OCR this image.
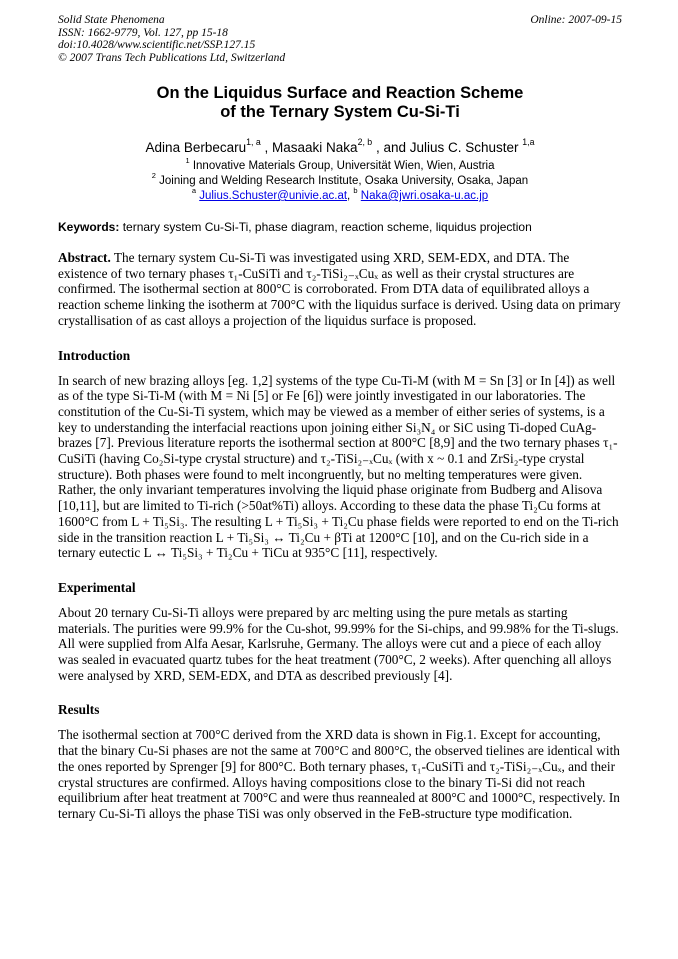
Solid State Phenomena
ISSN: 1662-9779, Vol. 127, pp 15-18
doi:10.4028/www.scientific.net/SSP.127.15
© 2007 Trans Tech Publications Ltd, Switzerland
Online: 2007-09-15
On the Liquidus Surface and Reaction Scheme
of the Ternary System Cu-Si-Ti
Adina Berbecaru$^{1, a}$ , Masaaki Naka$^{2, b}$ , and Julius C. Schuster $^{1,a}$
$^1$ Innovative Materials Group, Universität Wien, Wien, Austria
$^2$ Joining and Welding Research Institute, Osaka University, Osaka, Japan
$^a$ Julius.Schuster@univie.ac.at, $^b$ Naka@jwri.osaka-u.ac.jp

Keywords: ternary system Cu-Si-Ti, phase diagram, reaction scheme, liquidus projection

Abstract. The ternary system Cu-Si-Ti was investigated using XRD, SEM-EDX, and DTA. The existence of two ternary phases τ₁-CuSiTi and τ₂-TiSi₂₋ₓCuₓ as well as their crystal structures are confirmed. The isothermal section at 800°C is corroborated. From DTA data of equilibrated alloys a reaction scheme linking the isotherm at 700°C with the liquidus surface is derived. Using data on primary crystallisation of as cast alloys a projection of the liquidus surface is proposed.

Introduction

In search of new brazing alloys [eg. 1,2] systems of the type Cu-Ti-M (with M = Sn [3] or In [4]) as well as of the type Si-Ti-M (with M = Ni [5] or Fe [6]) were jointly investigated in our laboratories. The constitution of the Cu-Si-Ti system, which may be viewed as a member of either series of systems, is a key to understanding the interfacial reactions upon joining either Si₃N₄ or SiC using Ti-doped CuAg-brazes [7]. Previous literature reports the isothermal section at 800°C [8,9] and the two ternary phases τ₁-CuSiTi (having Co₂Si-type crystal structure) and τ₂-TiSi₂₋ₓCuₓ (with x ~ 0.1 and ZrSi₂-type crystal structure). Both phases were found to melt incongruently, but no melting temperatures were given. Rather, the only invariant temperatures involving the liquid phase originate from Budberg and Alisova [10,11], but are limited to Ti-rich (>50at%Ti) alloys. According to these data the phase Ti₂Cu forms at 1600°C from L + Ti₅Si₃. The resulting L + Ti₅Si₃ + Ti₂Cu phase fields were reported to end on the Ti-rich side in the transition reaction L + Ti₅Si₃ ↔ Ti₂Cu + βTi at 1200°C [10], and on the Cu-rich side in a ternary eutectic L ↔ Ti₅Si₃ + Ti₂Cu + TiCu at 935°C [11], respectively.

Experimental

About 20 ternary Cu-Si-Ti alloys were prepared by arc melting using the pure metals as starting materials. The purities were 99.9% for the Cu-shot, 99.99% for the Si-chips, and 99.98% for the Ti-slugs. All were supplied from Alfa Aesar, Karlsruhe, Germany. The alloys were cut and a piece of each alloy was sealed in evacuated quartz tubes for the heat treatment (700°C, 2 weeks). After quenching all alloys were analysed by XRD, SEM-EDX, and DTA as described previously [4].

Results

The isothermal section at 700°C derived from the XRD data is shown in Fig.1. Except for accounting, that the binary Cu-Si phases are not the same at 700°C and 800°C, the observed tielines are identical with the ones reported by Sprenger [9] for 800°C. Both ternary phases, τ₁-CuSiTi and τ₂-TiSi₂₋ₓCuₓ, and their crystal structures are confirmed. Alloys having compositions close to the binary Ti-Si did not reach equilibrium after heat treatment at 700°C and were thus reannealed at 800°C and 1000°C, respectively. In ternary Cu-Si-Ti alloys the phase TiSi was only observed in the FeB-structure type modification.
